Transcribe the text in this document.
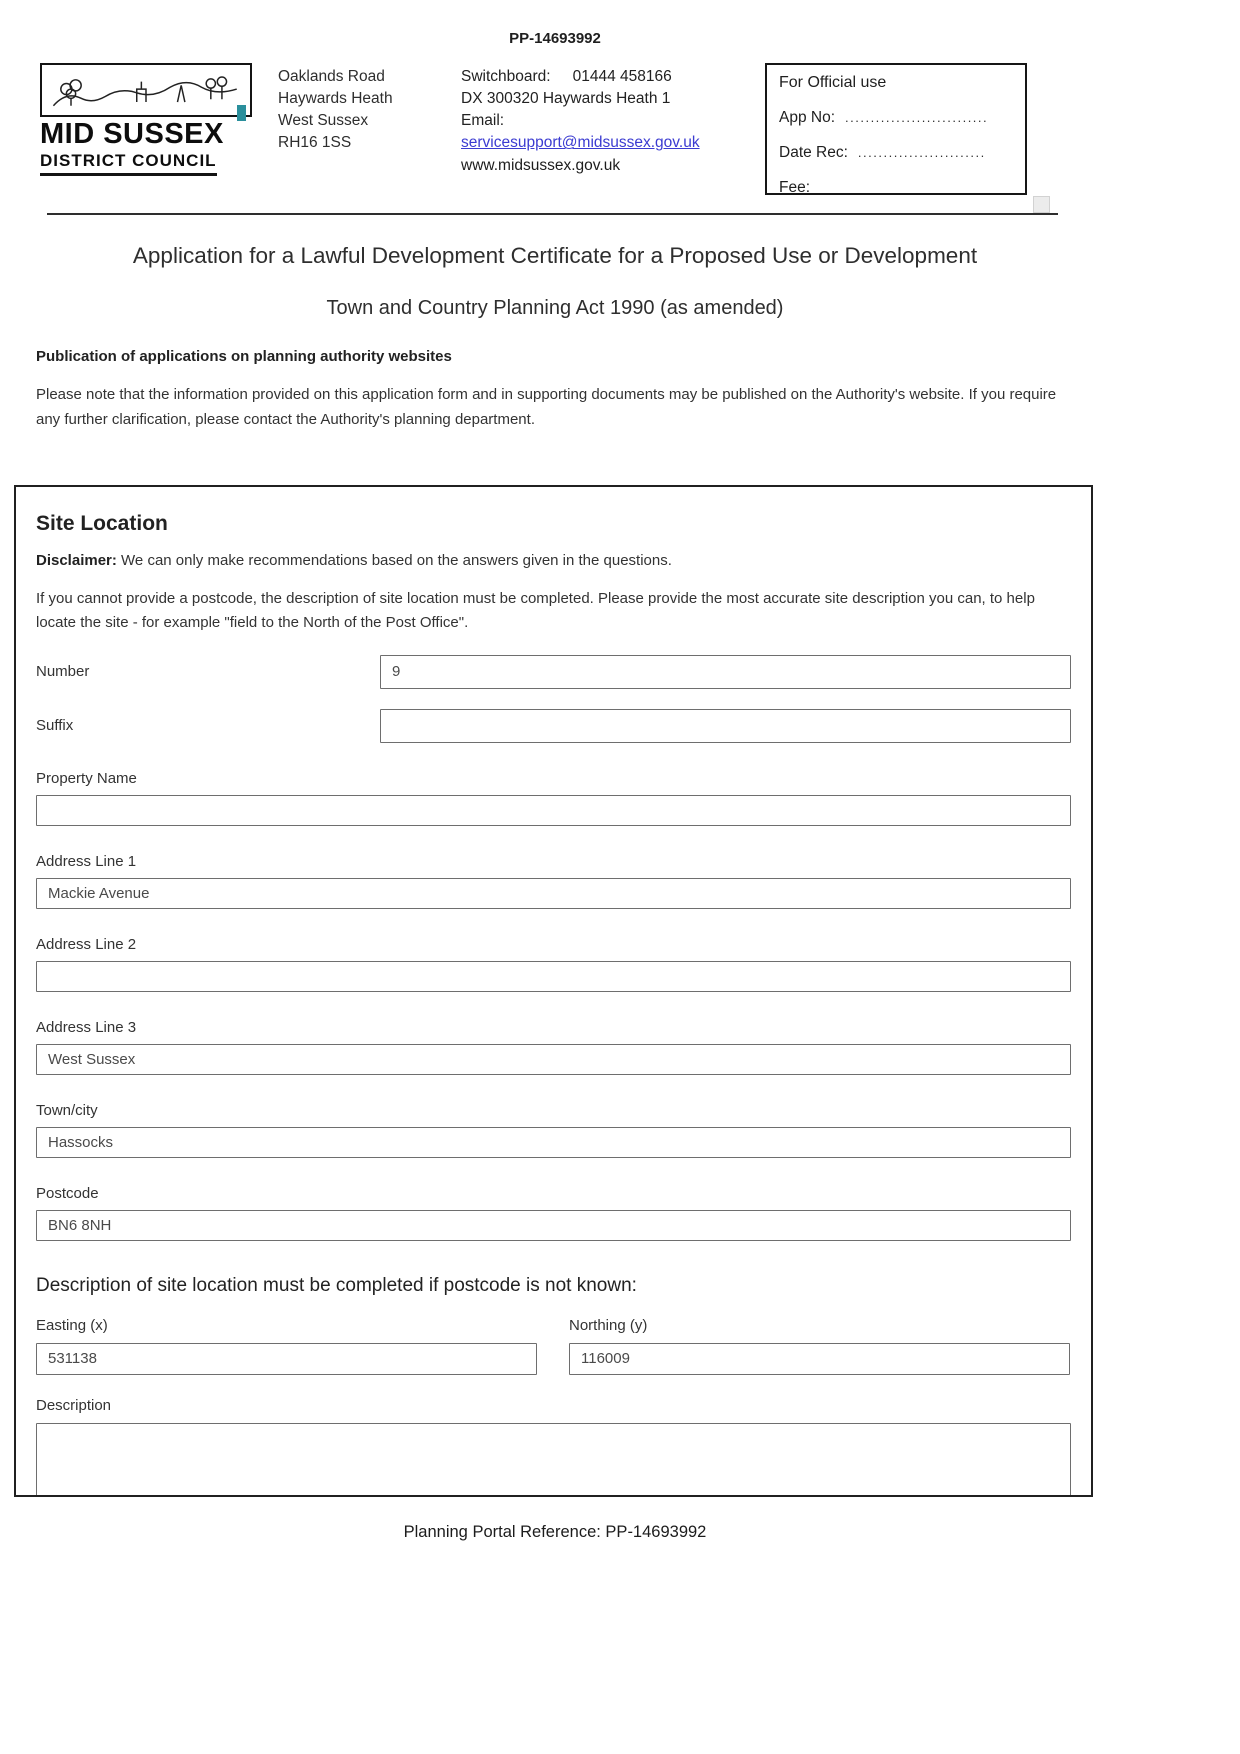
PP-14693992
MID SUSSEX
DISTRICT COUNCIL
Oaklands Road
Haywards Heath
West Sussex
RH16 1SS
Switchboard: 01444 458166
DX 300320 Haywards Heath 1
Email:
servicesupport@midsussex.gov.uk
www.midsussex.gov.uk
For Official use
App No: ............................
Date Rec: .........................
Fee:
Application for a Lawful Development Certificate for a Proposed Use or Development
Town and Country Planning Act 1990 (as amended)
Publication of applications on planning authority websites
Please note that the information provided on this application form and in supporting documents may be published on the Authority's website. If you require any further clarification, please contact the Authority's planning department.
Site Location
Disclaimer: We can only make recommendations based on the answers given in the questions.
If you cannot provide a postcode, the description of site location must be completed. Please provide the most accurate site description you can, to help locate the site - for example "field to the North of the Post Office".
Number
9
Suffix
Property Name
Address Line 1
Mackie Avenue
Address Line 2
Address Line 3
West Sussex
Town/city
Hassocks
Postcode
BN6 8NH
Description of site location must be completed if postcode is not known:
Easting (x)
531138	Northing (y)
116009
Description
Planning Portal Reference: PP-14693992
